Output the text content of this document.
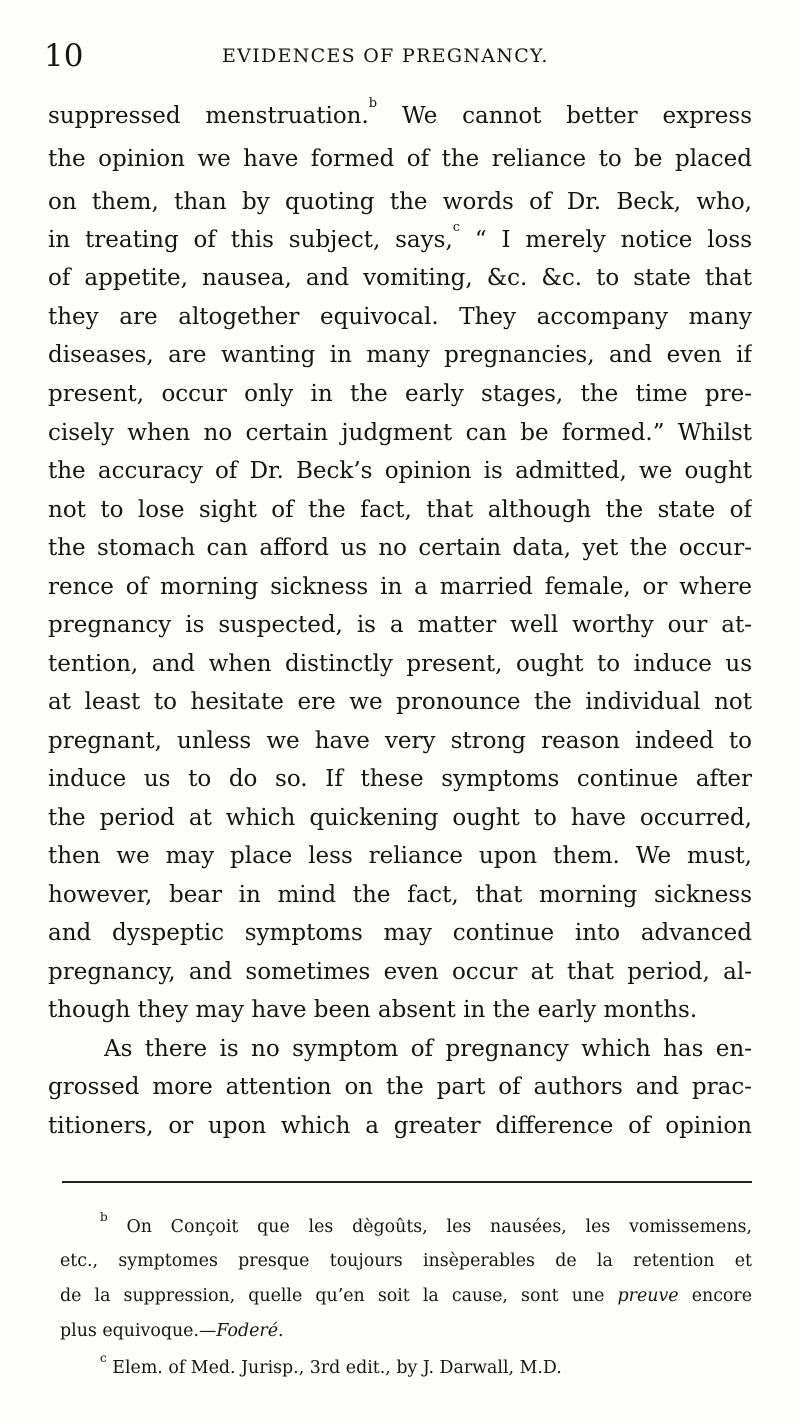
10	EVIDENCES OF PREGNANCY.
suppressed menstruation.$^b$ We cannot better express
the opinion we have formed of the reliance to be placed
on them, than by quoting the words of Dr. Beck, who,
in treating of this subject, says,$^c$ “ I merely notice loss
of appetite, nausea, and vomiting, &c. &c. to state that
they are altogether equivocal. They accompany many
diseases, are wanting in many pregnancies, and even if
present, occur only in the early stages, the time pre-
cisely when no certain judgment can be formed.” Whilst
the accuracy of Dr. Beck’s opinion is admitted, we ought
not to lose sight of the fact, that although the state of
the stomach can afford us no certain data, yet the occur-
rence of morning sickness in a married female, or where
pregnancy is suspected, is a matter well worthy our at-
tention, and when distinctly present, ought to induce us
at least to hesitate ere we pronounce the individual not
pregnant, unless we have very strong reason indeed to
induce us to do so. If these symptoms continue after
the period at which quickening ought to have occurred,
then we may place less reliance upon them. We must,
however, bear in mind the fact, that morning sickness
and dyspeptic symptoms may continue into advanced
pregnancy, and sometimes even occur at that period, al-
though they may have been absent in the early months.
As there is no symptom of pregnancy which has en-
grossed more attention on the part of authors and prac-
titioners, or upon which a greater difference of opinion
$^b$ On Conçoit que les dègoûts, les nausées, les vomissemens,
etc., symptomes presque toujours insèperables de la retention et
de la suppression, quelle qu’en soit la cause, sont une preuve encore
plus equivoque.—Foderé.
$^c$ Elem. of Med. Jurisp., 3rd edit., by J. Darwall, M.D.
